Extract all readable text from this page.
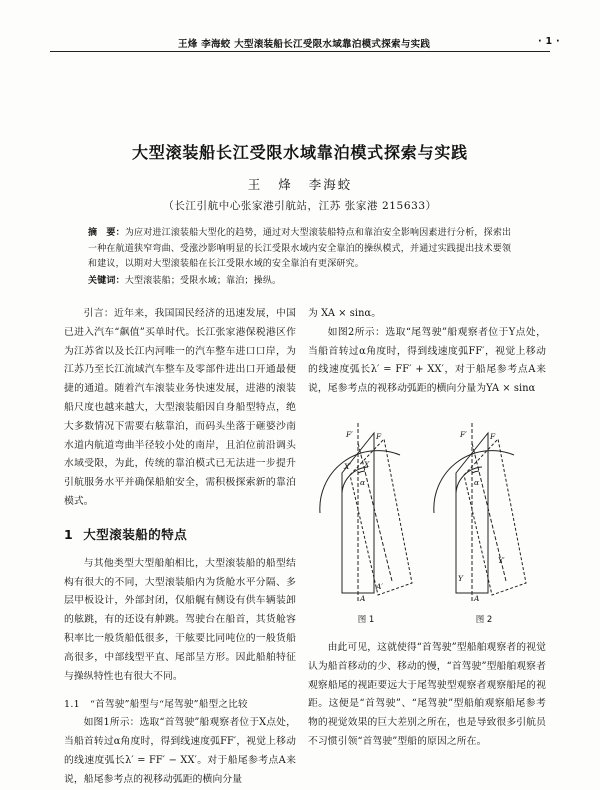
王烽 李海蛟 大型滚装船长江受限水域靠泊模式探索与实践	· 1 ·
大型滚装船长江受限水域靠泊模式探索与实践
王 烽 李海蛟
（长江引航中心张家港引航站，江苏 张家港 215633）
摘　要：为应对进江滚装船大型化的趋势，通过对大型滚装船特点和靠泊安全影响因素进行分析，探索出一种在航道狭窄弯曲、受涨沙影响明显的长江受限水域内安全靠泊的操纵模式，并通过实践提出技术要领和建议，以期对大型滚装船在长江受限水域的安全靠泊有更深研究。
关键词：大型滚装船；受限水域；靠泊；操纵。

引言：近年来，我国国民经济的迅速发展，中国已进入汽车“飙值”买单时代。长江张家港保税港区作为江苏省以及长江内河唯一的汽车整车进口口岸，为江苏乃至长江流域汽车整车及零部件进出口开通最便捷的通道。随着汽车滚装业务快速发展，进港的滚装船尺度也越来越大，大型滚装船因自身船型特点，绝大多数情况下需要右舷靠泊，而码头坐落于砸婆沙南水道内航道弯曲半径较小处的南岸，且泊位前沿调头水域受限，为此，传统的靠泊模式已无法进一步提升引航服务水平并确保船舶安全，需积极探索新的靠泊模式。

1 大型滚装船的特点

与其他类型大型船舶相比，大型滚装船的船型结构有很大的不同，大型滚装船内为货舱水平分隔、多层甲板设计，外部封闭，仅船艉有侧设有供车辆装卸的舷跳，有的还设有舯跳。驾驶台在船首，其货舱容积率比一般货船低很多，干舷要比同吨位的一般货船高很多，中部线型平直、尾部呈方形。因此船舶特征与操纵特性也有很大不同。

1.1 “首驾驶”船型与“尾驾驶”船型之比较

如图1所示：选取“首驾驶”船观察者位于X点处，当船首转过α角度时，得到线速度弧FF′，视觉上移动的线速度弧长λ′ = FF′ − XX′。对于船尾参考点A来说，船尾参考点的视移动弧距的横向分量

为 XA × sinα。

如图2所示：选取“尾驾驶”船观察者位于Y点处，当船首转过α角度时，得到线速度弧FF′，视觉上移动的线速度弧长λ′ = FF′ + XX′，对于船尾参考点A来说，尾参考点的视移动弧距的横向分量为YA × sinα

F′	F
X′ X
α
A′
A
F′	F
α
Y
Y′
A
图 1	图 2

由此可见，这就使得“首驾驶”型船舶观察者的视觉认为船首移动的少、移动的慢，“首驾驶”型船舶观察者观察船尾的视距要远大于尾驾驶型观察者观察船尾的视距。这便是“首驾驶”、“尾驾驶”型船舶观察船尾参考物的视觉效果的巨大差别之所在，也是导致很多引航员不习惯引领“首驾驶”型船的原因之所在。
